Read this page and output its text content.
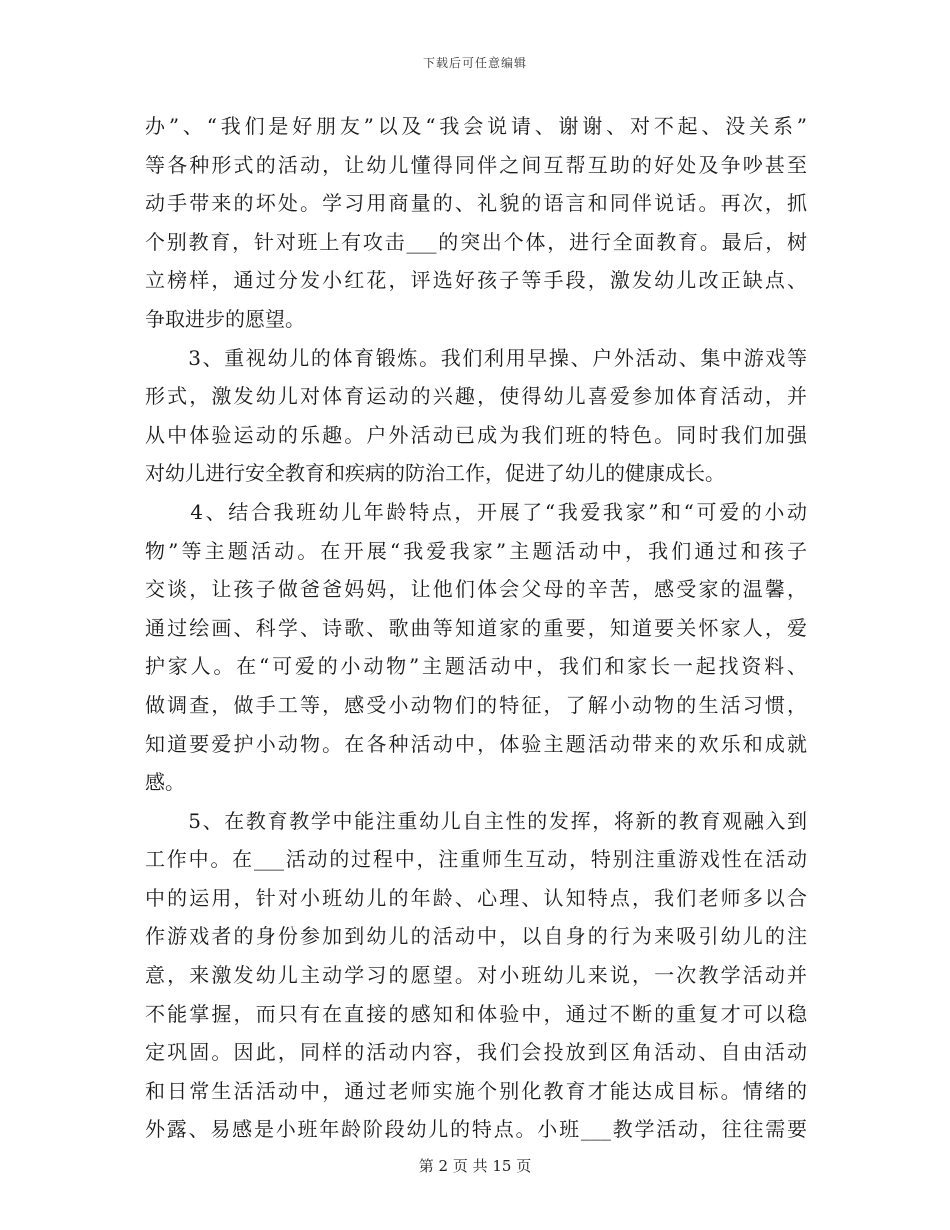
下载后可任意编辑
办”、“我们是好朋友”以及“我会说请、谢谢、对不起、没关系”
等各种形式的活动，让幼儿懂得同伴之间互帮互助的好处及争吵甚至
动手带来的坏处。学习用商量的、礼貌的语言和同伴说话。再次，抓
个别教育，针对班上有攻击___的突出个体，进行全面教育。最后，树
立榜样，通过分发小红花，评选好孩子等手段，激发幼儿改正缺点、
争取进步的愿望。
　　3、重视幼儿的体育锻炼。我们利用早操、户外活动、集中游戏等
形式，激发幼儿对体育运动的兴趣，使得幼儿喜爱参加体育活动，并
从中体验运动的乐趣。户外活动已成为我们班的特色。同时我们加强
对幼儿进行安全教育和疾病的防治工作，促进了幼儿的健康成长。
　　4、结合我班幼儿年龄特点，开展了“我爱我家”和“可爱的小动
物”等主题活动。在开展“我爱我家”主题活动中，我们通过和孩子
交谈，让孩子做爸爸妈妈，让他们体会父母的辛苦，感受家的温馨，
通过绘画、科学、诗歌、歌曲等知道家的重要，知道要关怀家人，爱
护家人。在“可爱的小动物”主题活动中，我们和家长一起找资料、
做调查，做手工等，感受小动物们的特征，了解小动物的生活习惯，
知道要爱护小动物。在各种活动中，体验主题活动带来的欢乐和成就
感。
　　5、在教育教学中能注重幼儿自主性的发挥，将新的教育观融入到
工作中。在___活动的过程中，注重师生互动，特别注重游戏性在活动
中的运用，针对小班幼儿的年龄、心理、认知特点，我们老师多以合
作游戏者的身份参加到幼儿的活动中，以自身的行为来吸引幼儿的注
意，来激发幼儿主动学习的愿望。对小班幼儿来说，一次教学活动并
不能掌握，而只有在直接的感知和体验中，通过不断的重复才可以稳
定巩固。因此，同样的活动内容，我们会投放到区角活动、自由活动
和日常生活活动中，通过老师实施个别化教育才能达成目标。情绪的
外露、易感是小班年龄阶段幼儿的特点。小班___教学活动，往往需要
第 2 页 共 15 页
